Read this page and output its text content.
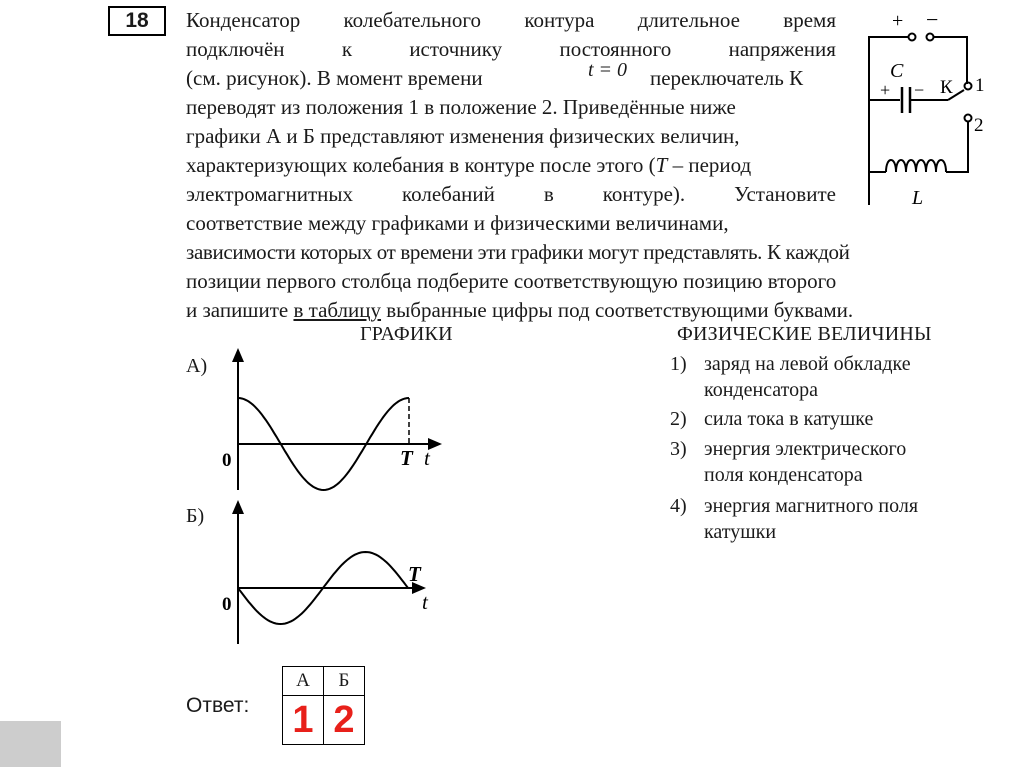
18	Конденсатор колебательного контура длительное время
подключён	к	источнику	постоянного	напряжения
(см. рисунок). В момент времени	t = 0 переключатель К
переводят из положения 1 в положение 2. Приведённые ниже
графики А и Б представляют изменения физических величин,
характеризующих колебания в контуре после этого (T – период
электромагнитных колебаний в контуре). Установите
соответствие между графиками и физическими величинами,
зависимости которых от времени эти графики могут представлять. К каждой
позиции первого столбца подберите соответствующую позицию второго
и запишите в таблицу выбранные цифры под соответствующими буквами.
+ −
C
+ − К 1
2
L
ГРАФИКИ	ФИЗИЧЕСКИЕ ВЕЛИЧИНЫ
А)
0	T t
Б)
0
T
t
1) заряд на левой обкладке
конденсатора
2) сила тока в катушке
3) энергия электрического
поля конденсатора
4) энергия магнитного поля
катушки
Ответ:
А	Б
1	2
